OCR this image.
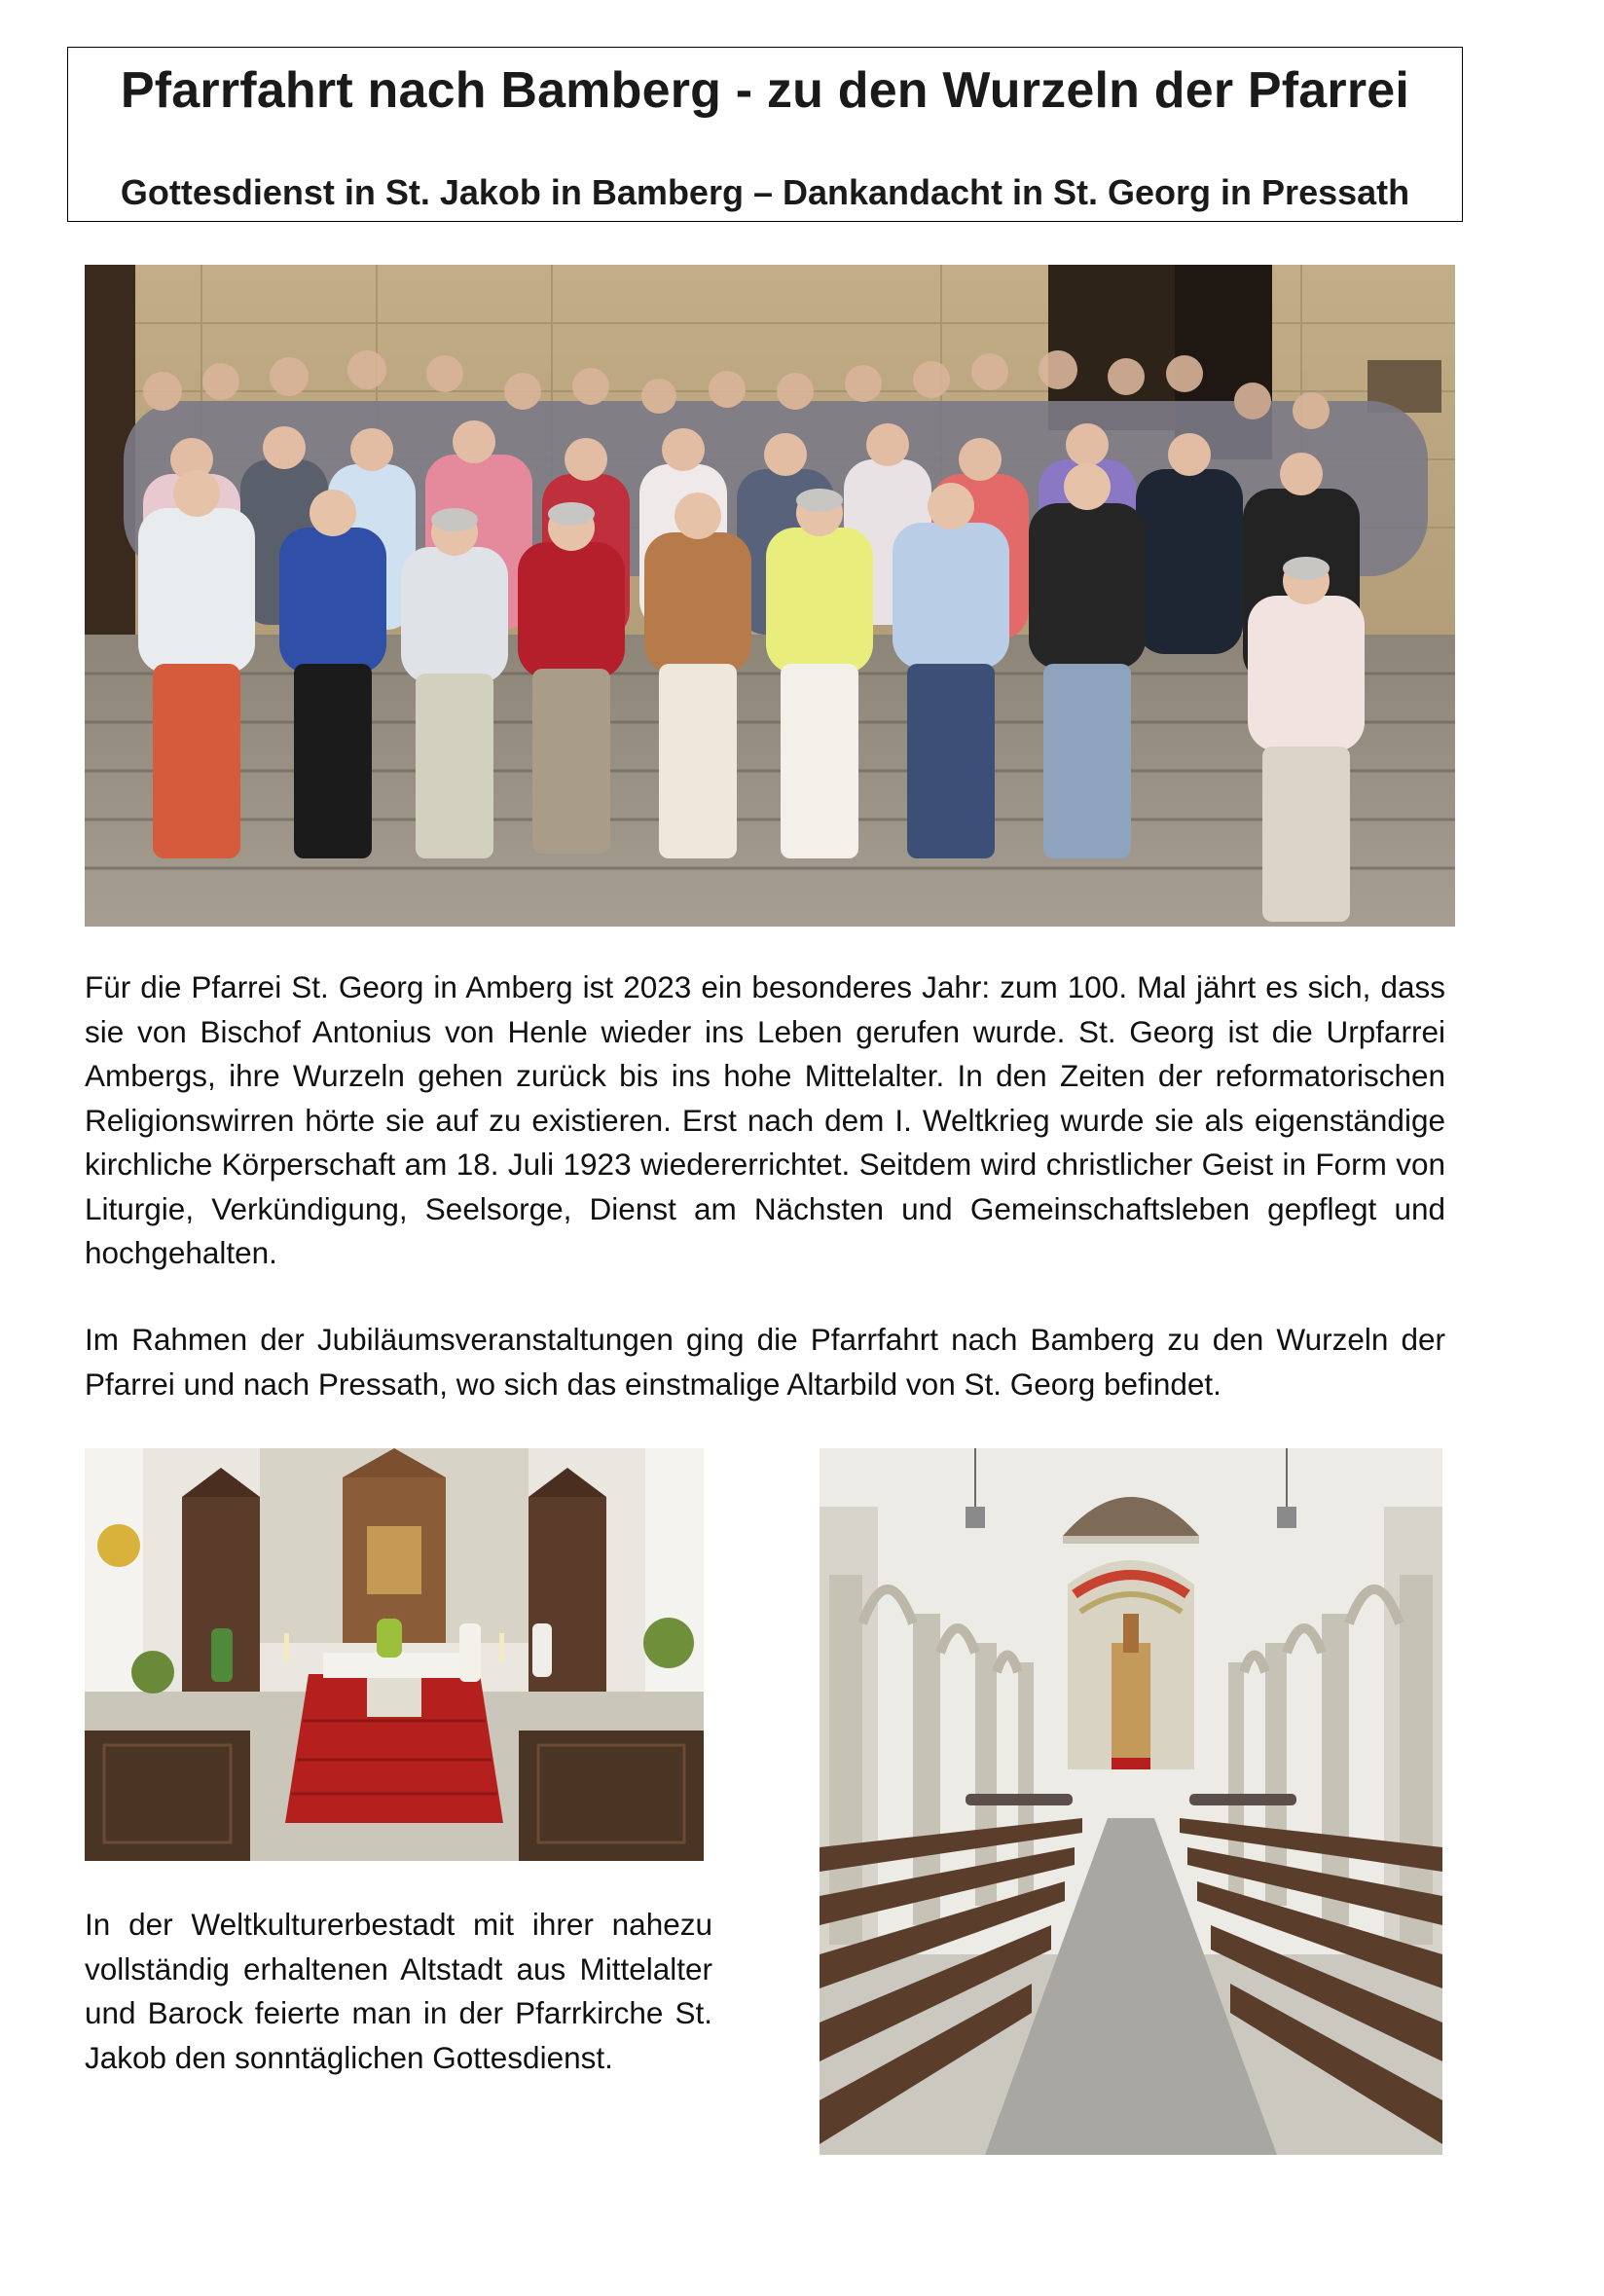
Pfarrfahrt nach Bamberg - zu den Wurzeln der Pfarrei
Gottesdienst in St. Jakob in Bamberg – Dankandacht in St. Georg in Pressath

Für die Pfarrei St. Georg in Amberg ist 2023 ein besonderes Jahr: zum 100. Mal jährt es sich, dass sie von Bischof Antonius von Henle wieder ins Leben gerufen wurde. St. Georg ist die Urpfarrei Ambergs, ihre Wurzeln gehen zurück bis ins hohe Mittelalter. In den Zeiten der reformatorischen Religionswirren hörte sie auf zu existieren. Erst nach dem I. Weltkrieg wurde sie als eigenständige kirchliche Körperschaft am 18. Juli 1923 wiedererrichtet. Seitdem wird christlicher Geist in Form von Liturgie, Verkündigung, Seelsorge, Dienst am Nächsten und Gemeinschaftsleben gepflegt und hochgehalten.

Im Rahmen der Jubiläumsveranstaltungen ging die Pfarrfahrt nach Bamberg zu den Wurzeln der Pfarrei und nach Pressath, wo sich das einstmalige Altarbild von St. Georg befindet.

In der Weltkulturerbestadt mit ihrer nahezu vollständig erhaltenen Altstadt aus Mittelalter und Barock feierte man in der Pfarrkirche St. Jakob den sonntäglichen Gottesdienst.
